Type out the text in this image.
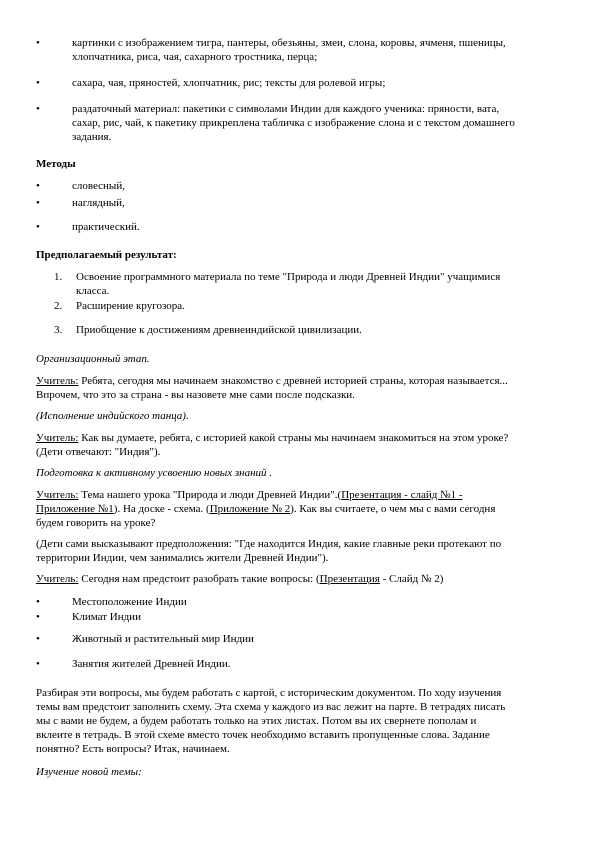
•	картинки с изображением тигра, пантеры, обезьяны, змеи, слона, коровы, ячменя, пшеницы,
хлопчатника, риса, чая, сахарного тростника, перца;
•	сахара, чая, пряностей, хлопчатник, рис; тексты для ролевой игры;
•	раздаточный материал: пакетики с символами Индии для каждого ученика: пряности, вата,
сахар, рис, чай, к пакетику прикреплена табличка с изображение слона и с текстом домашнего
задания.
Методы
•	словесный,
•	наглядный,
•	практический.
Предполагаемый результат:
1. Освоение программного материала по теме "Природа и люди Древней Индии" учащимися
класса.
2. Расширение кругозора.
3. Приобщение к достижениям древнеиндийской цивилизации.
Организационный этап.
Учитель: Ребята, сегодня мы начинаем знакомство с древней историей страны, которая называется...
Впрочем, что это за страна - вы назовете мне сами после подсказки.
(Исполнение индийского танца).
Учитель: Как вы думаете, ребята, с историей какой страны мы начинаем знакомиться на этом уроке?
(Дети отвечают: "Индия").
Подготовка к активному усвоению новых знаний .
Учитель: Тема нашего урока "Природа и люди Древней Индии".(Презентация - слайд №1 -
Приложение №1). На доске - схема. (Приложение № 2). Как вы считаете, о чем мы с вами сегодня
будем говорить на уроке?
(Дети сами высказывают предположения: "Где находится Индия, какие главные реки протекают по
территории Индии, чем занимались жители Древней Индии").
Учитель: Сегодня нам предстоит разобрать такие вопросы: (Презентация - Слайд № 2)
•	Местоположение Индии
•	Климат Индии
•	Животный и растительный мир Индии
•	Занятия жителей Древней Индии.
Разбирая эти вопросы, мы будем работать с картой, с историческим документом. По ходу изучения
темы вам предстоит заполнить схему. Эта схема у каждого из вас лежит на парте. В тетрадях писать
мы с вами не будем, а будем работать только на этих листах. Потом вы их свернете пополам и
вклеите в тетрадь. В этой схеме вместо точек необходимо вставить пропущенные слова. Задание
понятно? Есть вопросы? Итак, начинаем.
Изучение новой темы:
